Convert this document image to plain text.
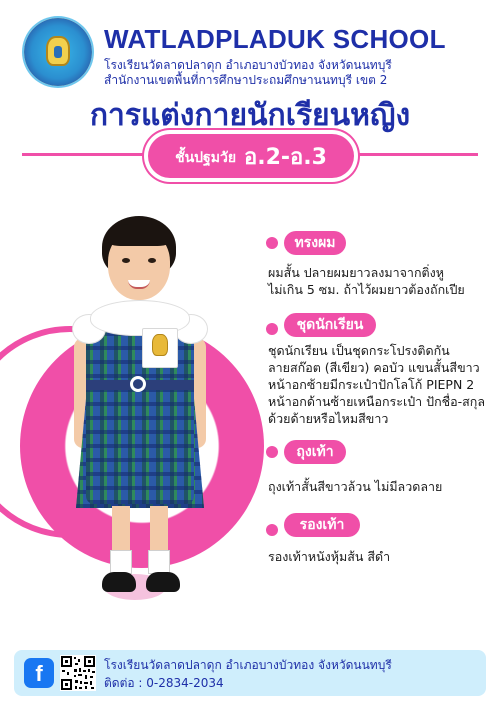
WATLADPLADUK SCHOOL
โรงเรียนวัดลาดปลาดุก อำเภอบางบัวทอง จังหวัดนนทบุรี
สำนักงานเขตพื้นที่การศึกษาประถมศึกษานนทบุรี เขต 2
การแต่งกายนักเรียนหญิง
ชั้นปฐมวัย อ.2-อ.3
ทรงผม
ผมสั้น ปลายผมยาวลงมาจากติ่งหู
ไม่เกิน 5 ซม. ถ้าไว้ผมยาวต้องถักเปีย
ชุดนักเรียน
ชุดนักเรียน เป็นชุดกระโปรงติดกัน
ลายสก๊อต (สีเขียว) คอบัว แขนสั้นสีขาว
หน้าอกซ้ายมีกระเป๋าปักโลโก้ PIEPN 2
หน้าอกด้านซ้ายเหนือกระเป๋า ปักชื่อ-สกุล
ด้วยด้ายหรือไหมสีขาว
ถุงเท้า
ถุงเท้าสั้นสีขาวล้วน ไม่มีลวดลาย
รองเท้า
รองเท้าหนังหุ้มส้น สีดำ
f	โรงเรียนวัดลาดปลาดุก อำเภอบางบัวทอง จังหวัดนนทบุรี
ติดต่อ : 0-2834-2034
